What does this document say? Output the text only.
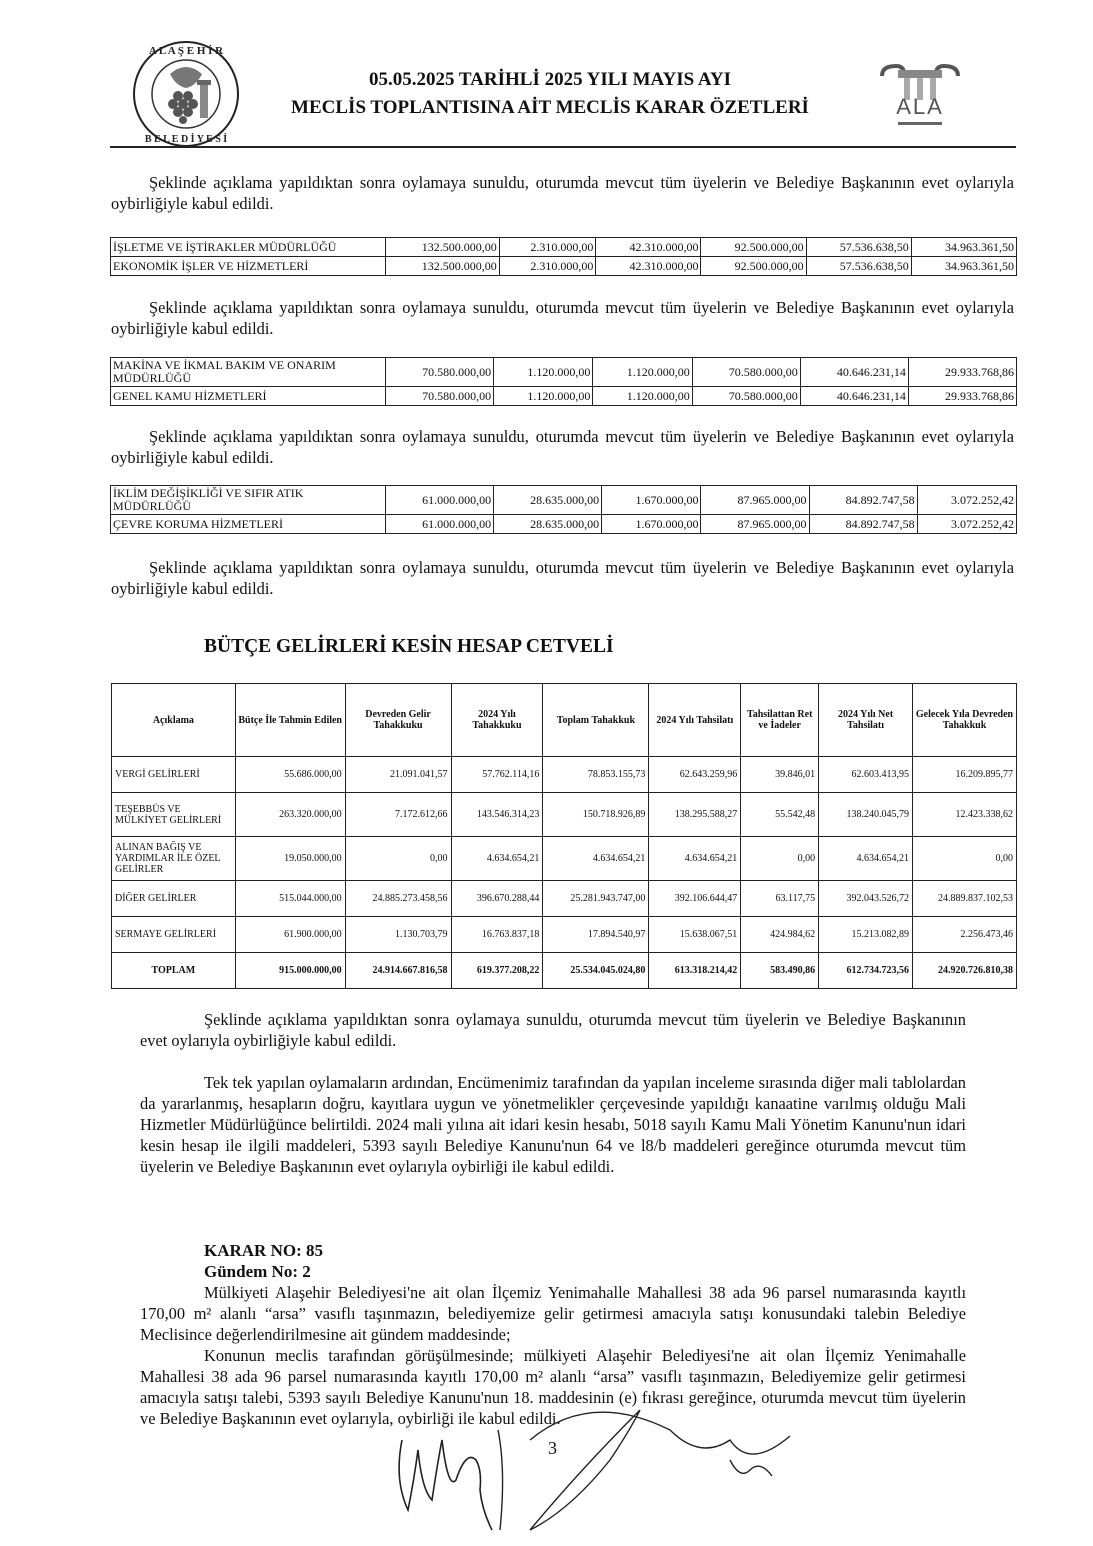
A L A Ş E H İ R
B E L E D İ Y E S İ
05.05.2025 TARİHLİ 2025 YILI MAYIS AYI
MECLİS TOPLANTISINA AİT MECLİS KARAR ÖZETLERİ	ALA
Şeklinde açıklama yapıldıktan sonra oylamaya sunuldu, oturumda mevcut tüm üyelerin ve Belediye Başkanının evet oylarıyla oybirliğiyle kabul edildi.
İŞLETME VE İŞTİRAKLER MÜDÜRLÜĞÜ	132.500.000,00	2.310.000,00	42.310.000,00	92.500.000,00	57.536.638,50	34.963.361,50
EKONOMİK İŞLER VE HİZMETLERİ	132.500.000,00	2.310.000,00	42.310.000,00	92.500.000,00	57.536.638,50	34.963.361,50
Şeklinde açıklama yapıldıktan sonra oylamaya sunuldu, oturumda mevcut tüm üyelerin ve Belediye Başkanının evet oylarıyla oybirliğiyle kabul edildi.
MAKİNA VE İKMAL BAKIM VE ONARIM MÜDÜRLÜĞÜ	70.580.000,00	1.120.000,00	1.120.000,00	70.580.000,00	40.646.231,14	29.933.768,86
GENEL KAMU HİZMETLERİ	70.580.000,00	1.120.000,00	1.120.000,00	70.580.000,00	40.646.231,14	29.933.768,86
Şeklinde açıklama yapıldıktan sonra oylamaya sunuldu, oturumda mevcut tüm üyelerin ve Belediye Başkanının evet oylarıyla oybirliğiyle kabul edildi.
İKLİM DEĞİŞİKLİĞİ VE SIFIR ATIK MÜDÜRLÜĞÜ	61.000.000,00	28.635.000,00	1.670.000,00	87.965.000,00	84.892.747,58	3.072.252,42
ÇEVRE KORUMA HİZMETLERİ	61.000.000,00	28.635.000,00	1.670.000,00	87.965.000,00	84.892.747,58	3.072.252,42
Şeklinde açıklama yapıldıktan sonra oylamaya sunuldu, oturumda mevcut tüm üyelerin ve Belediye Başkanının evet oylarıyla oybirliğiyle kabul edildi.
BÜTÇE GELİRLERİ KESİN HESAP CETVELİ
Açıklama	Bütçe İle Tahmin Edilen	Devreden Gelir Tahakkuku	2024 Yılı Tahakkuku	Toplam Tahakkuk	2024 Yılı Tahsilatı	Tahsilattan Ret ve İadeler	2024 Yılı Net Tahsilatı	Gelecek Yıla Devreden Tahakkuk
VERGİ GELİRLERİ	55.686.000,00	21.091.041,57	57.762.114,16	78.853.155,73	62.643.259,96	39.846,01	62.603.413,95	16.209.895,77
TEŞEBBÜS VE MÜLKİYET GELİRLERİ	263.320.000,00	7.172.612,66	143.546.314,23	150.718.926,89	138.295.588,27	55.542,48	138.240.045,79	12.423.338,62
ALINAN BAĞIŞ VE YARDIMLAR İLE ÖZEL GELİRLER	19.050.000,00	0,00	4.634.654,21	4.634.654,21	4.634.654,21	0,00	4.634.654,21	0,00
DİĞER GELİRLER	515.044.000,00	24.885.273.458,56	396.670.288,44	25.281.943.747,00	392.106.644,47	63.117,75	392.043.526,72	24.889.837.102,53
SERMAYE GELİRLERİ	61.900.000,00	1.130.703,79	16.763.837,18	17.894.540,97	15.638.067,51	424.984,62	15.213.082,89	2.256.473,46
TOPLAM	915.000.000,00	24.914.667.816,58	619.377.208,22	25.534.045.024,80	613.318.214,42	583.490,86	612.734.723,56	24.920.726.810,38
Şeklinde açıklama yapıldıktan sonra oylamaya sunuldu, oturumda mevcut tüm üyelerin ve Belediye Başkanının evet oylarıyla oybirliğiyle kabul edildi.
Tek tek yapılan oylamaların ardından, Encümenimiz tarafından da yapılan inceleme sırasında diğer mali tablolardan da yararlanmış, hesapların doğru, kayıtlara uygun ve yönetmelikler çerçevesinde yapıldığı kanaatine varılmış olduğu Mali Hizmetler Müdürlüğünce belirtildi. 2024 mali yılına ait idari kesin hesabı, 5018 sayılı Kamu Mali Yönetim Kanunu'nun idari kesin hesap ile ilgili maddeleri, 5393 sayılı Belediye Kanunu'nun 64 ve l8/b maddeleri gereğince oturumda mevcut tüm üyelerin ve Belediye Başkanının evet oylarıyla oybirliği ile kabul edildi.
KARAR NO: 85
Gündem No: 2
Mülkiyeti Alaşehir Belediyesi'ne ait olan İlçemiz Yenimahalle Mahallesi 38 ada 96 parsel numarasında kayıtlı 170,00 m² alanlı “arsa” vasıflı taşınmazın, belediyemize gelir getirmesi amacıyla satışı konusundaki talebin Belediye Meclisince değerlendirilmesine ait gündem maddesinde;
Konunun meclis tarafından görüşülmesinde; mülkiyeti Alaşehir Belediyesi'ne ait olan İlçemiz Yenimahalle Mahallesi 38 ada 96 parsel numarasında kayıtlı 170,00 m² alanlı “arsa” vasıflı taşınmazın, Belediyemize gelir getirmesi amacıyla satışı talebi, 5393 sayılı Belediye Kanunu'nun 18. maddesinin (e) fıkrası gereğince, oturumda mevcut tüm üyelerin ve Belediye Başkanının evet oylarıyla, oybirliği ile kabul edildi.
3
